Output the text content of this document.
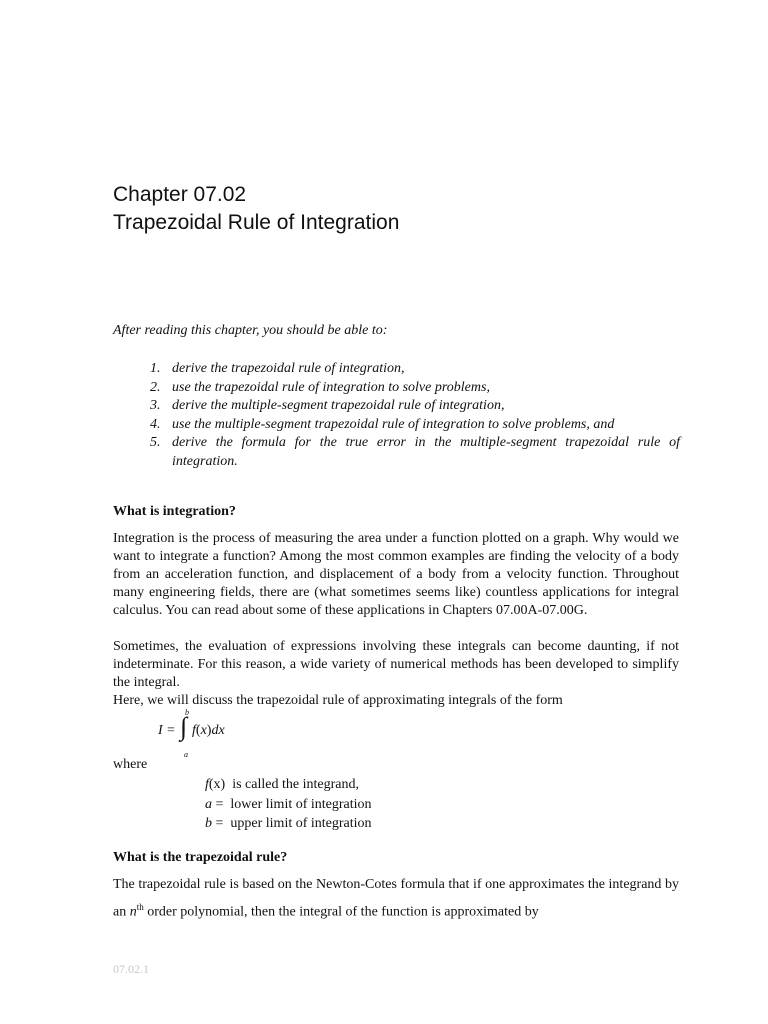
Chapter 07.02
Trapezoidal Rule of Integration
After reading this chapter, you should be able to:
1. derive the trapezoidal rule of integration,
2. use the trapezoidal rule of integration to solve problems,
3. derive the multiple-segment trapezoidal rule of integration,
4. use the multiple-segment trapezoidal rule of integration to solve problems, and
5. derive the formula for the true error in the multiple-segment trapezoidal rule of integration.
What is integration?

Integration is the process of measuring the area under a function plotted on a graph. Why would we want to integrate a function? Among the most common examples are finding the velocity of a body from an acceleration function, and displacement of a body from a velocity function. Throughout many engineering fields, there are (what sometimes seems like) countless applications for integral calculus. You can read about some of these applications in Chapters 07.00A-07.00G.

Sometimes, the evaluation of expressions involving these integrals can become daunting, if not indeterminate. For this reason, a wide variety of numerical methods has been developed to simplify the integral.

Here, we will discuss the trapezoidal rule of approximating integrals of the form

I = ∫
b
a
f(x)dx
where
f(x) is called the integrand,
a =  lower limit of integration
b =  upper limit of integration
What is the trapezoidal rule?

The trapezoidal rule is based on the Newton-Cotes formula that if one approximates the integrand by an $n^{th}$ order polynomial, then the integral of the function is approximated by

07.02.1
